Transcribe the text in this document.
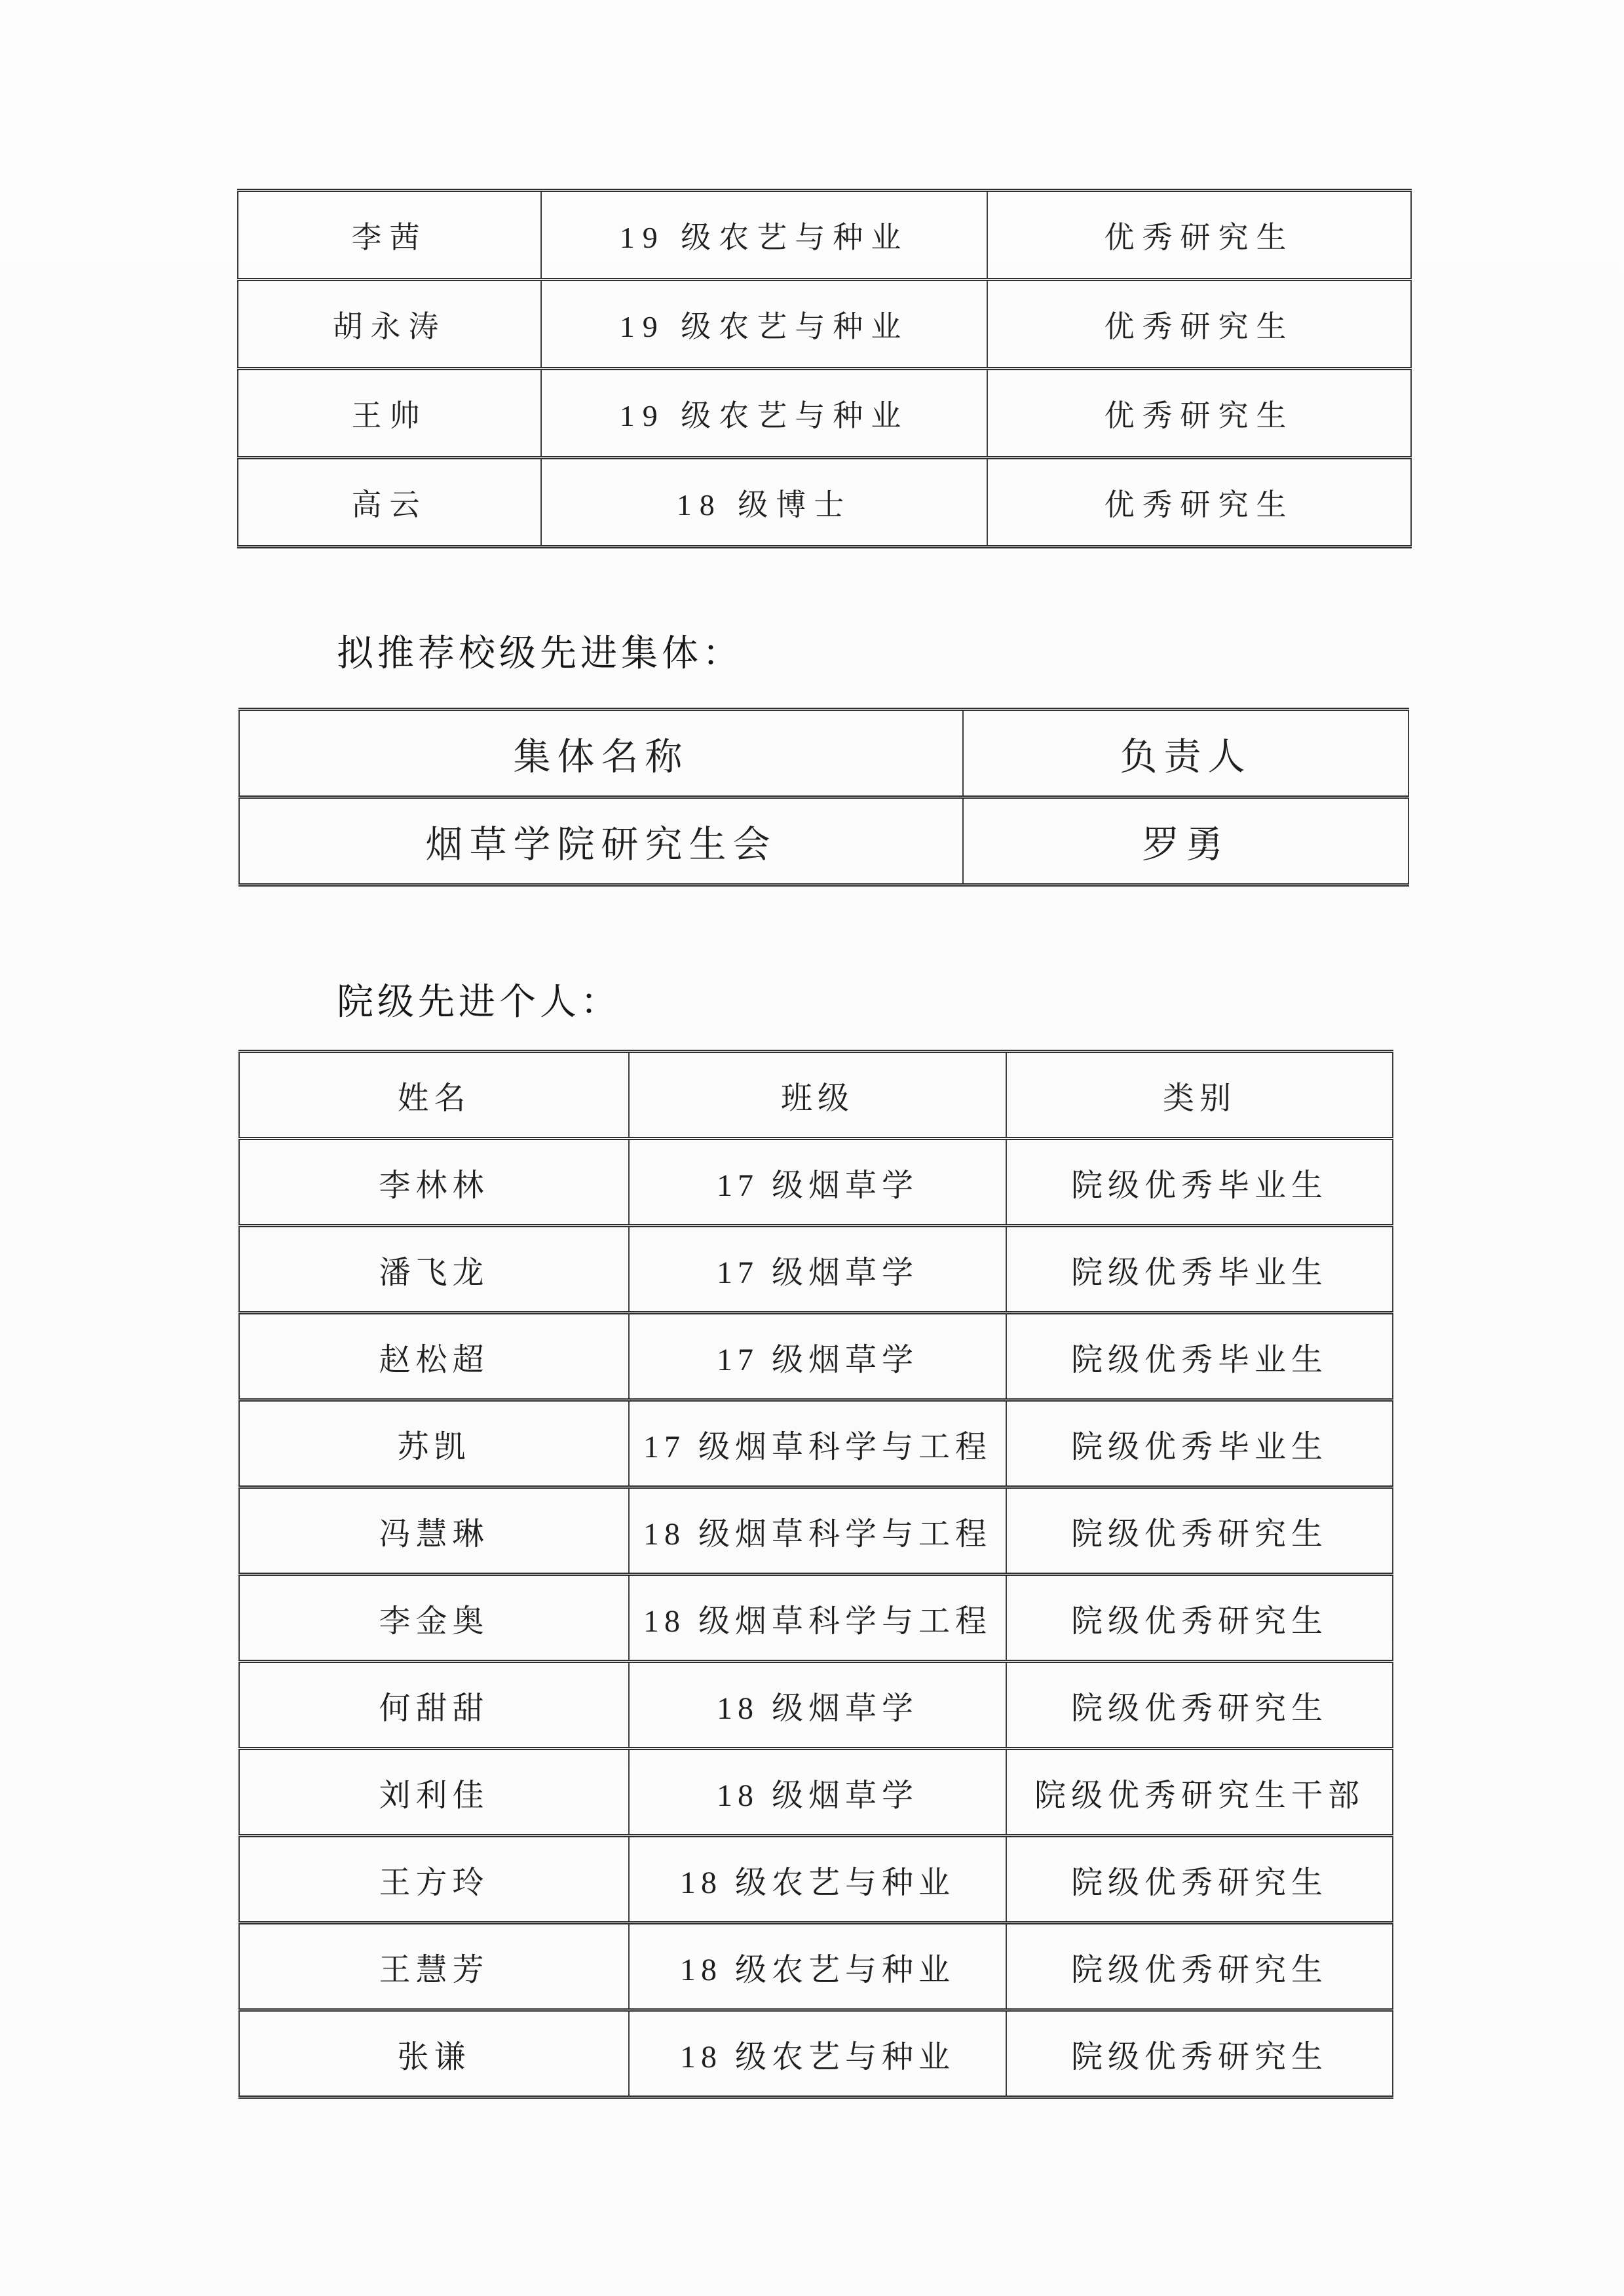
李茜	19 级农艺与种业	优秀研究生
胡永涛	19 级农艺与种业	优秀研究生
王帅	19 级农艺与种业	优秀研究生
高云	18 级博士	优秀研究生
拟推荐校级先进集体：
集体名称	负责人
烟草学院研究生会	罗勇
院级先进个人：
姓名	班级	类别
李林林	17 级烟草学	院级优秀毕业生
潘飞龙	17 级烟草学	院级优秀毕业生
赵松超	17 级烟草学	院级优秀毕业生
苏凯	17 级烟草科学与工程	院级优秀毕业生
冯慧琳	18 级烟草科学与工程	院级优秀研究生
李金奥	18 级烟草科学与工程	院级优秀研究生
何甜甜	18 级烟草学	院级优秀研究生
刘利佳	18 级烟草学	院级优秀研究生干部
王方玲	18 级农艺与种业	院级优秀研究生
王慧芳	18 级农艺与种业	院级优秀研究生
张谦	18 级农艺与种业	院级优秀研究生
